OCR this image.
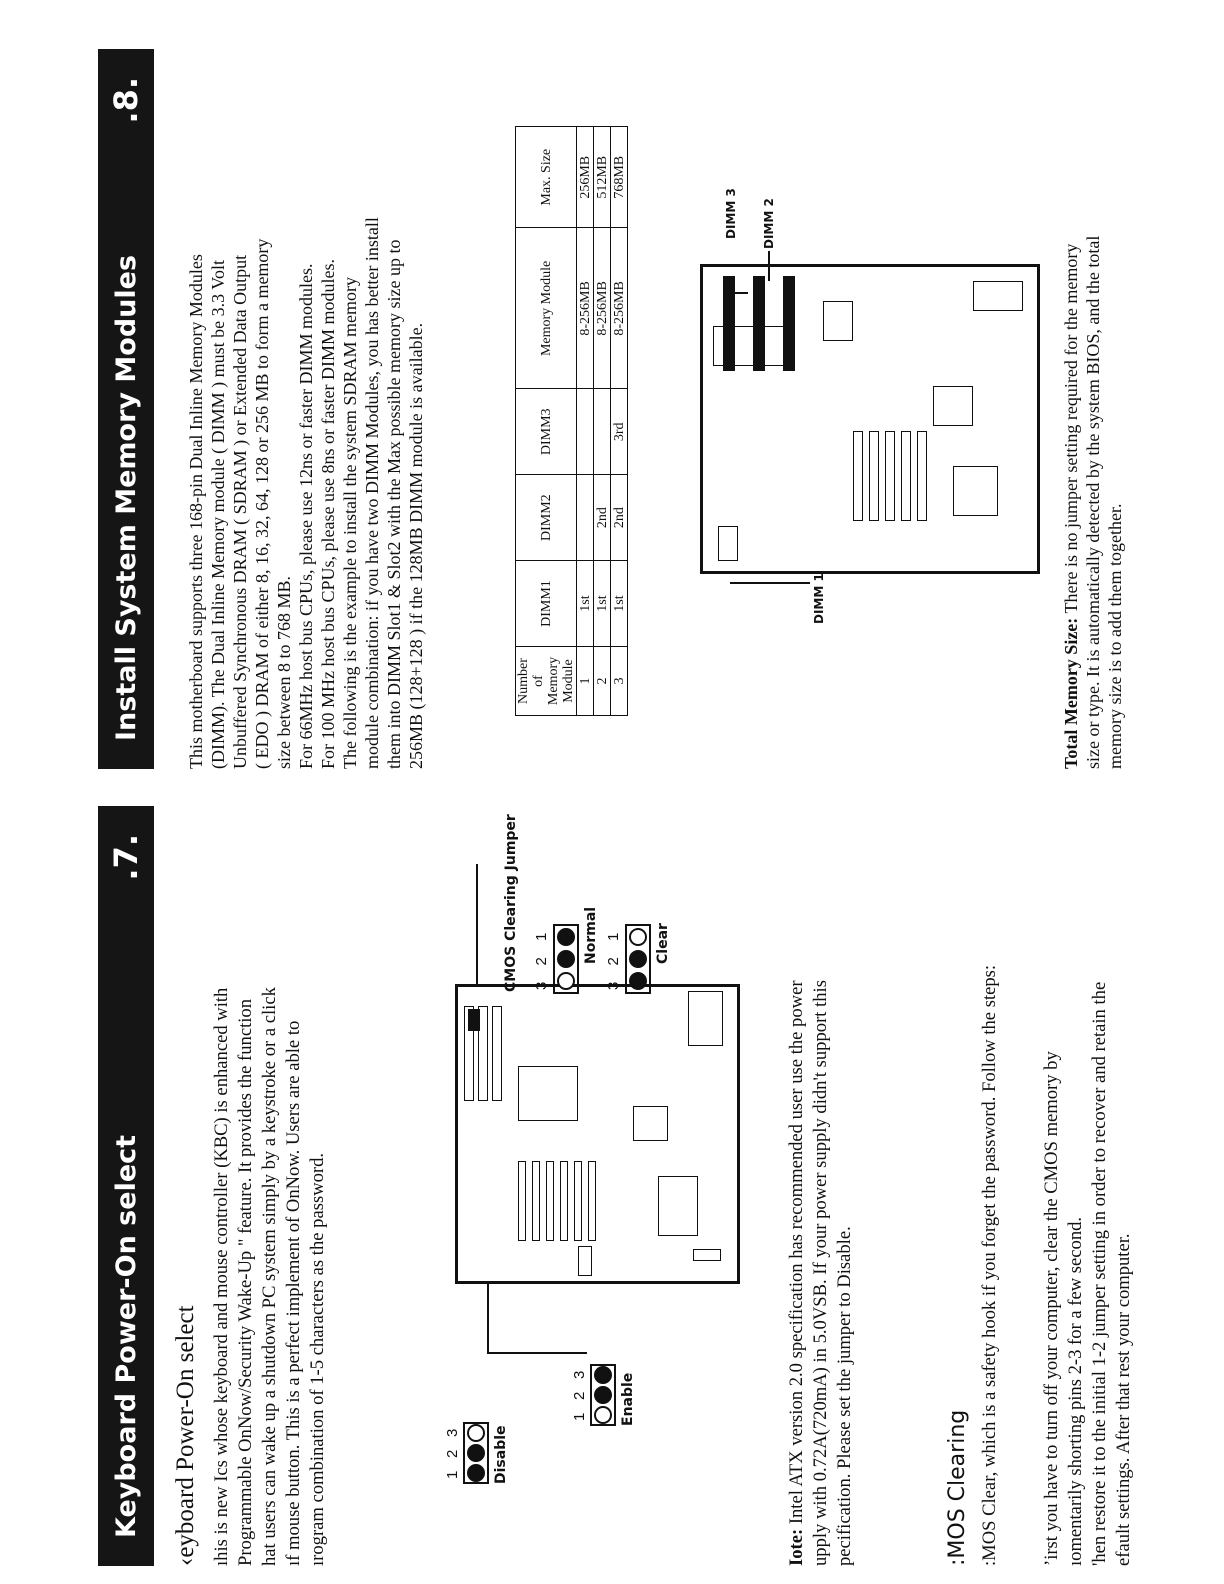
Keyboard Power-On select
.7.
‹eyboard Power-On select ıhis is new Ics whose keyboard and mouse controller (KBC) is enhanced with Programmable OnNow/Security Wake-Up " feature. It provides the function hat users can wake up a shutdown PC system simply by a keystroke or a click ıf mouse button. This is a perfect implement of OnNow. Users are able to ırogram combination of 1-5 characters as the password.	1
2
3 Disable
1
2
3 Enable
CMOS Clearing Jumper 3 2 1 Normal 3 2 1 Clear
Ιote: Intel ATX version 2.0 specification has recommended user use the power upply with 0.72A(720mA) in 5.0VSB. If your power supply didn't support this pecification. Please set the jumper to Disable.	:MOS Clearing :MOS Clear, which is a safety hook if you forget the password. Follow the steps: ’irst you have to turn off your computer, clear the CMOS memory by ıomentarily shorting pins 2-3 for a few second. 'hen restore it to the initial 1-2 jumper setting in order to recover and retain the efault settings. After that rest your computer.
Install System Memory Modules
.8.
This motherboard supports three 168-pin Dual Inline Memory Modules (DIMM). The Dual Inline Memory module ( DIMM ) must be 3.3 Volt Unbuffered Synchronous DRAM ( SDRAM ) or Extended Data Output ( EDO ) DRAM of either 8, 16, 32, 64, 128 or 256 MB to form a memory size between 8 to 768 MB. For 66MHz host bus CPUs, please use 12ns or faster DIMM modules. For 100 MHz host bus CPUs, please use 8ns or faster DIMM modules. The following is the example to install the system SDRAM memory module combination: if you have two DIMM Modules, you has better install them into DIMM Slot1 & Slot2 with the Max possible memory size up to 256MB (128+128 ) if the 128MB DIMM module is available.	Number of Memory Module	DIMM1	DIMM2	DIMM3	Memory Module	Max. Size
1	1st			8-256MB	256MB
2	1st	2nd		8-256MB	512MB
3	1st	2nd	3rd	8-256MB	768MB
DIMM 1
DIMM 2
DIMM 3
Total Memory Size: There is no jumper setting required for the memory size or type. It is automatically detected by the system BIOS, and the total memory size is to add them together.
